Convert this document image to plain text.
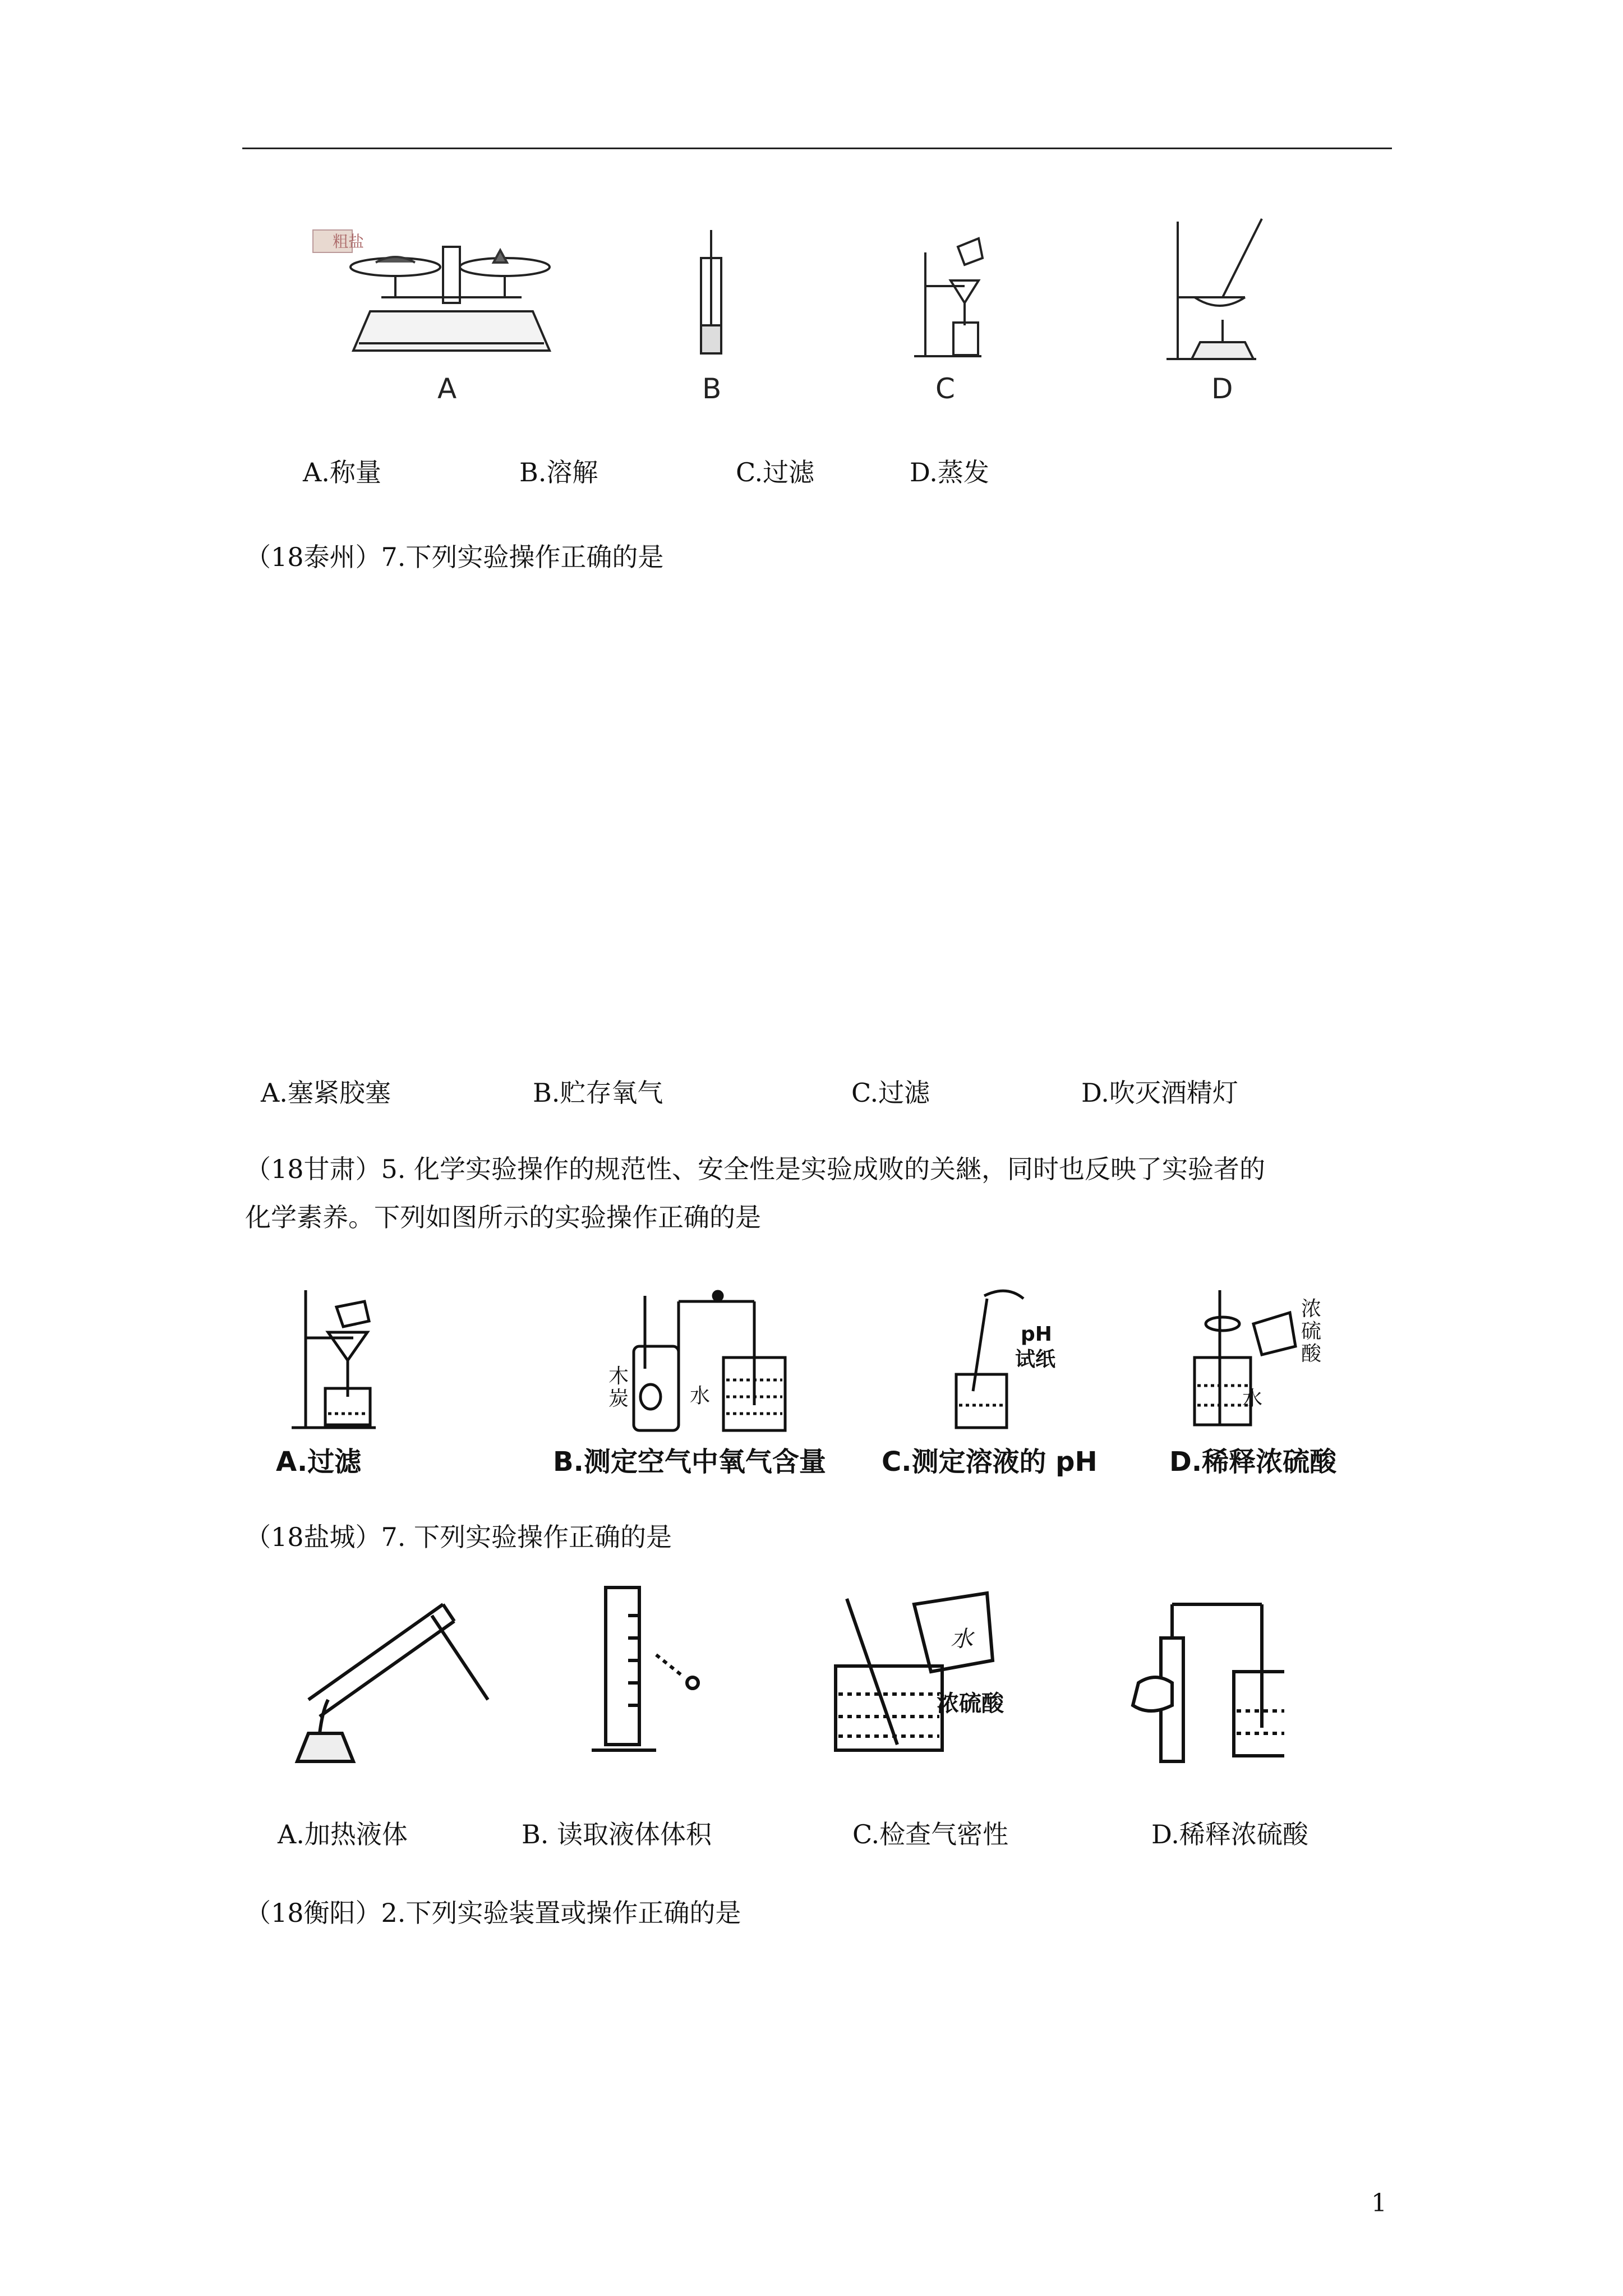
粗盐
A	B	C	D
A.称量	B.溶解	C.过滤	D.蒸发
（18泰州）7.下列实验操作正确的是
A.塞紧胶塞	B.贮存氧气	C.过滤	D.吹灭酒精灯
（18甘肃）5. 化学实验操作的规范性、安全性是实验成败的关継，同时也反映了实验者的
化学素养。下列如图所示的实验操作正确的是
A.过滤
木
炭	水
B.测定空气中氧气含量
pH
试纸
C.测定溶液的 pH
浓
硫
酸
水
D.稀释浓硫酸
（18盐城）7. 下列实验操作正确的是
水
浓硫酸
A.加热液体	B. 读取液体体积	C.检查气密性	D.稀释浓硫酸
（18衡阳）2.下列实验装置或操作正确的是
1
